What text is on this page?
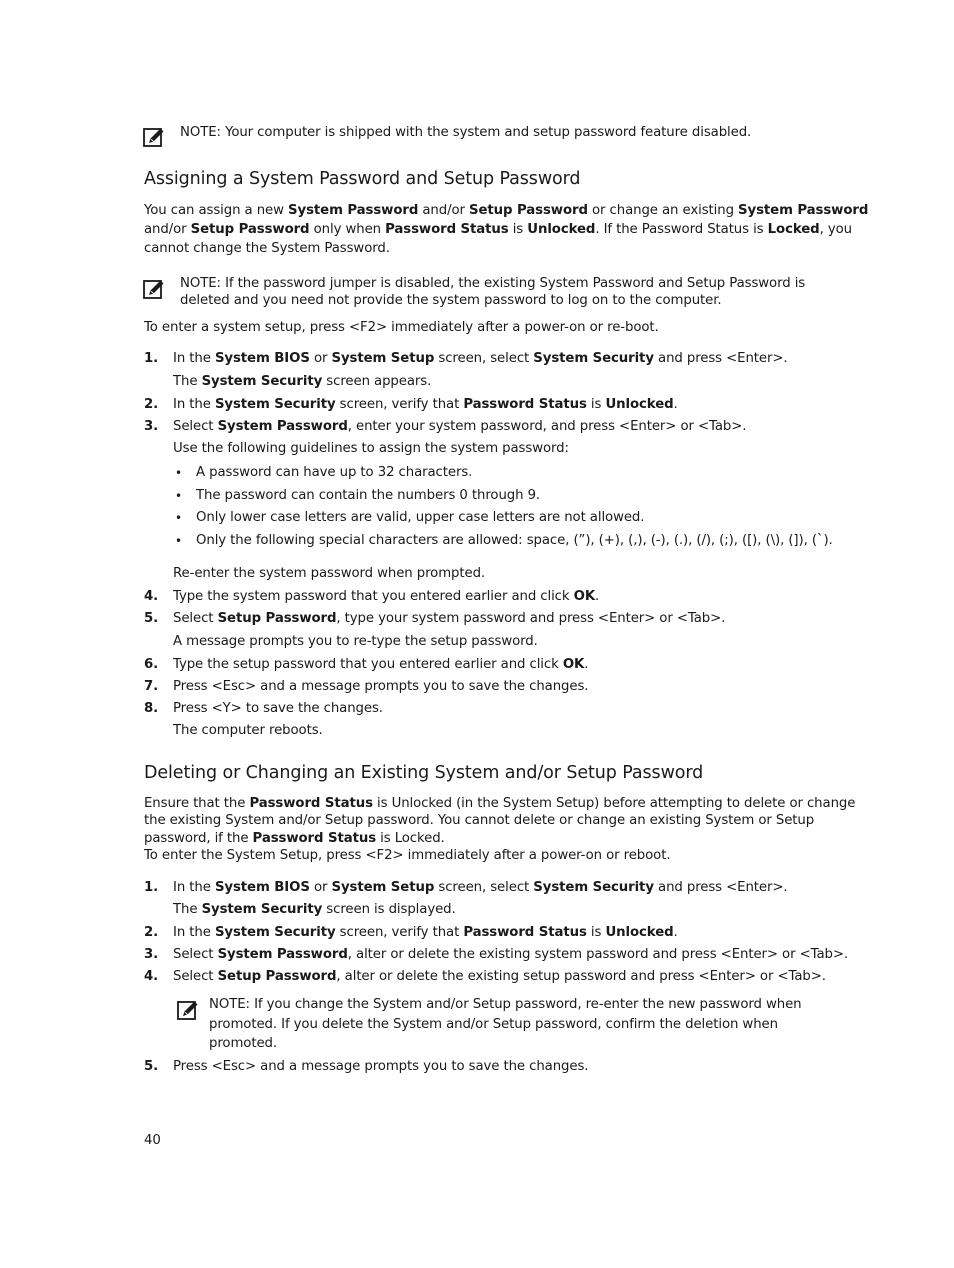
NOTE: Your computer is shipped with the system and setup password feature disabled.
Assigning a System Password and Setup Password
You can assign a new System Password and/or Setup Password or change an existing System Password
and/or Setup Password only when Password Status is Unlocked. If the Password Status is Locked, you
cannot change the System Password.
NOTE: If the password jumper is disabled, the existing System Password and Setup Password is
deleted and you need not provide the system password to log on to the computer.
To enter a system setup, press <F2> immediately after a power-on or re-boot.
1. In the System BIOS or System Setup screen, select System Security and press <Enter>.
The System Security screen appears.
2. In the System Security screen, verify that Password Status is Unlocked.
3. Select System Password, enter your system password, and press <Enter> or <Tab>.
Use the following guidelines to assign the system password:
• A password can have up to 32 characters.
• The password can contain the numbers 0 through 9.
• Only lower case letters are valid, upper case letters are not allowed.
• Only the following special characters are allowed: space, (”), (+), (,), (-), (.), (/), (;), ([), (\), (]), (`).
Re-enter the system password when prompted.
4. Type the system password that you entered earlier and click OK.
5. Select Setup Password, type your system password and press <Enter> or <Tab>.
A message prompts you to re-type the setup password.
6. Type the setup password that you entered earlier and click OK.
7. Press <Esc> and a message prompts you to save the changes.
8. Press <Y> to save the changes.
The computer reboots.
Deleting or Changing an Existing System and/or Setup Password
Ensure that the Password Status is Unlocked (in the System Setup) before attempting to delete or change
the existing System and/or Setup password. You cannot delete or change an existing System or Setup
password, if the Password Status is Locked.
To enter the System Setup, press <F2> immediately after a power-on or reboot.
1. In the System BIOS or System Setup screen, select System Security and press <Enter>.
The System Security screen is displayed.
2. In the System Security screen, verify that Password Status is Unlocked.
3. Select System Password, alter or delete the existing system password and press <Enter> or <Tab>.
4. Select Setup Password, alter or delete the existing setup password and press <Enter> or <Tab>.
NOTE: If you change the System and/or Setup password, re-enter the new password when
promoted. If you delete the System and/or Setup password, confirm the deletion when
promoted.
5. Press <Esc> and a message prompts you to save the changes.
40
